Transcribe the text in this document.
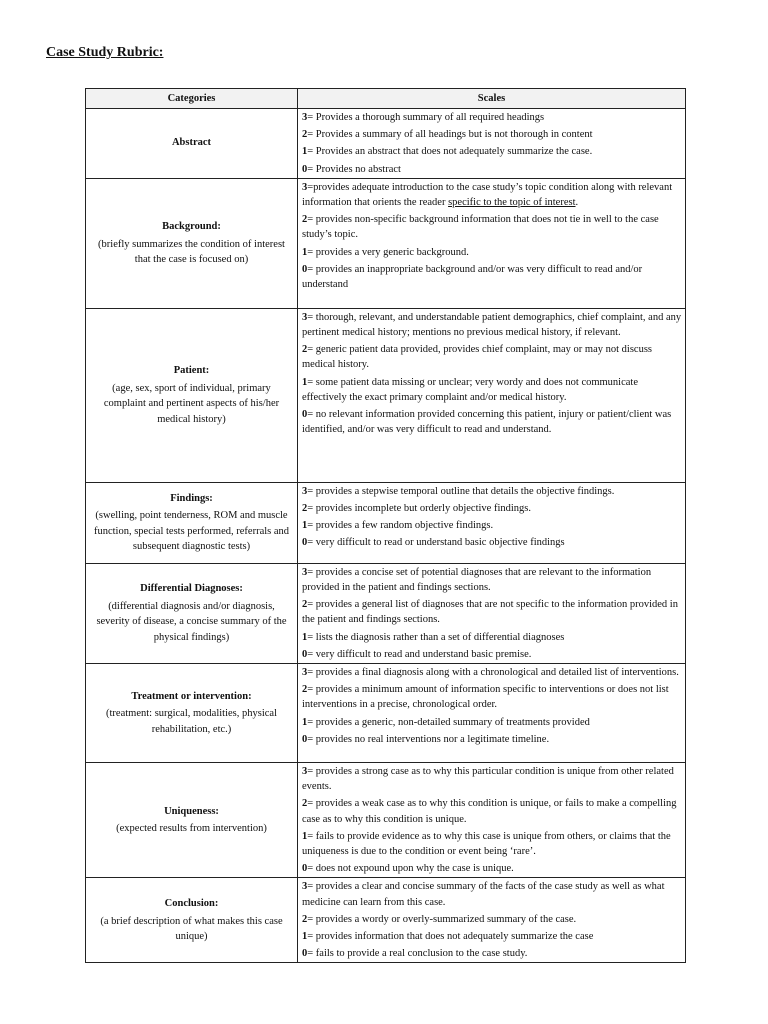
Case Study Rubric:
Categories	Scales

Abstract	3= Provides a thorough summary of all required headings
2= Provides a summary of all headings but is not thorough in content
1= Provides an abstract that does not adequately summarize the case.
0= Provides no abstract

Background:
(briefly summarizes the condition of interest that the case is focused on)	3=provides adequate introduction to the case study’s topic condition along with relevant information that orients the reader specific to the topic of interest.
2= provides non-specific background information that does not tie in well to the case study’s topic.
1= provides a very generic background.
0= provides an inappropriate background and/or was very difficult to read and/or understand

Patient:
(age, sex, sport of individual, primary complaint and pertinent aspects of his/her medical history)	3= thorough, relevant, and understandable patient demographics, chief complaint, and any pertinent medical history; mentions no previous medical history, if relevant.
2= generic patient data provided, provides chief complaint, may or may not discuss medical history.
1= some patient data missing or unclear; very wordy and does not communicate effectively the exact primary complaint and/or medical history.
0= no relevant information provided concerning this patient, injury or patient/client was identified, and/or was very difficult to read and understand.

Findings:
(swelling, point tenderness, ROM and muscle function, special tests performed, referrals and subsequent diagnostic tests)	3= provides a stepwise temporal outline that details the objective findings.
2= provides incomplete but orderly objective findings.
1= provides a few random objective findings.
0= very difficult to read or understand basic objective findings

Differential Diagnoses:
(differential diagnosis and/or diagnosis, severity of disease, a concise summary of the physical findings)	3= provides a concise set of potential diagnoses that are relevant to the information provided in the patient and findings sections.
2= provides a general list of diagnoses that are not specific to the information provided in the patient and findings sections.
1= lists the diagnosis rather than a set of differential diagnoses
0= very difficult to read and understand basic premise.

Treatment or intervention:
(treatment: surgical, modalities, physical rehabilitation, etc.)	3= provides a final diagnosis along with a chronological and detailed list of interventions.
2= provides a minimum amount of information specific to interventions or does not list interventions in a precise, chronological order.
1= provides a generic, non-detailed summary of treatments provided
0= provides no real interventions nor a legitimate timeline.

Uniqueness:
(expected results from intervention)	3= provides a strong case as to why this particular condition is unique from other related events.
2= provides a weak case as to why this condition is unique, or fails to make a compelling case as to why this condition is unique.
1= fails to provide evidence as to why this case is unique from others, or claims that the uniqueness is due to the condition or event being ‘rare’.
0= does not expound upon why the case is unique.

Conclusion:
(a brief description of what makes this case unique)	3= provides a clear and concise summary of the facts of the case study as well as what medicine can learn from this case.
2= provides a wordy or overly-summarized summary of the case.
1= provides information that does not adequately summarize the case
0= fails to provide a real conclusion to the case study.
